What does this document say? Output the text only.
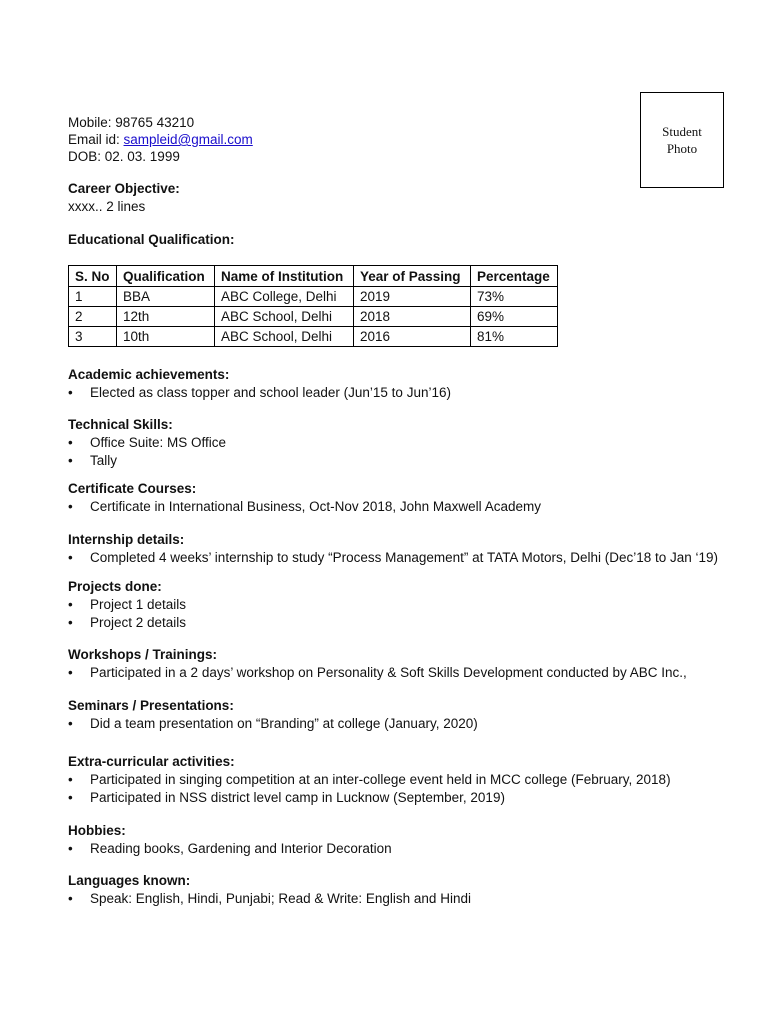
Student
Photo
Mobile: 98765 43210
Email id: sampleid@gmail.com
DOB: 02. 03. 1999
Career Objective:
xxxx.. 2 lines
Educational Qualification:
S. No	Qualification	Name of Institution	Year of Passing	Percentage
1	BBA	ABC College, Delhi	2019	73%
2	12th	ABC School, Delhi	2018	69%
3	10th	ABC School, Delhi	2016	81%
Academic achievements:
• Elected as class topper and school leader (Jun’15 to Jun’16)
Technical Skills:
• Office Suite: MS Office
• Tally
Certificate Courses:
• Certificate in International Business, Oct-Nov 2018, John Maxwell Academy
Internship details:
• Completed 4 weeks’ internship to study “Process Management” at TATA Motors, Delhi (Dec’18 to Jan ‘19)
Projects done:
• Project 1 details
• Project 2 details
Workshops / Trainings:
• Participated in a 2 days’ workshop on Personality & Soft Skills Development conducted by ABC Inc.,
Seminars / Presentations:
• Did a team presentation on “Branding” at college (January, 2020)
Extra-curricular activities:
• Participated in singing competition at an inter-college event held in MCC college (February, 2018)
• Participated in NSS district level camp in Lucknow (September, 2019)
Hobbies:
• Reading books, Gardening and Interior Decoration
Languages known:
• Speak: English, Hindi, Punjabi; Read & Write: English and Hindi
